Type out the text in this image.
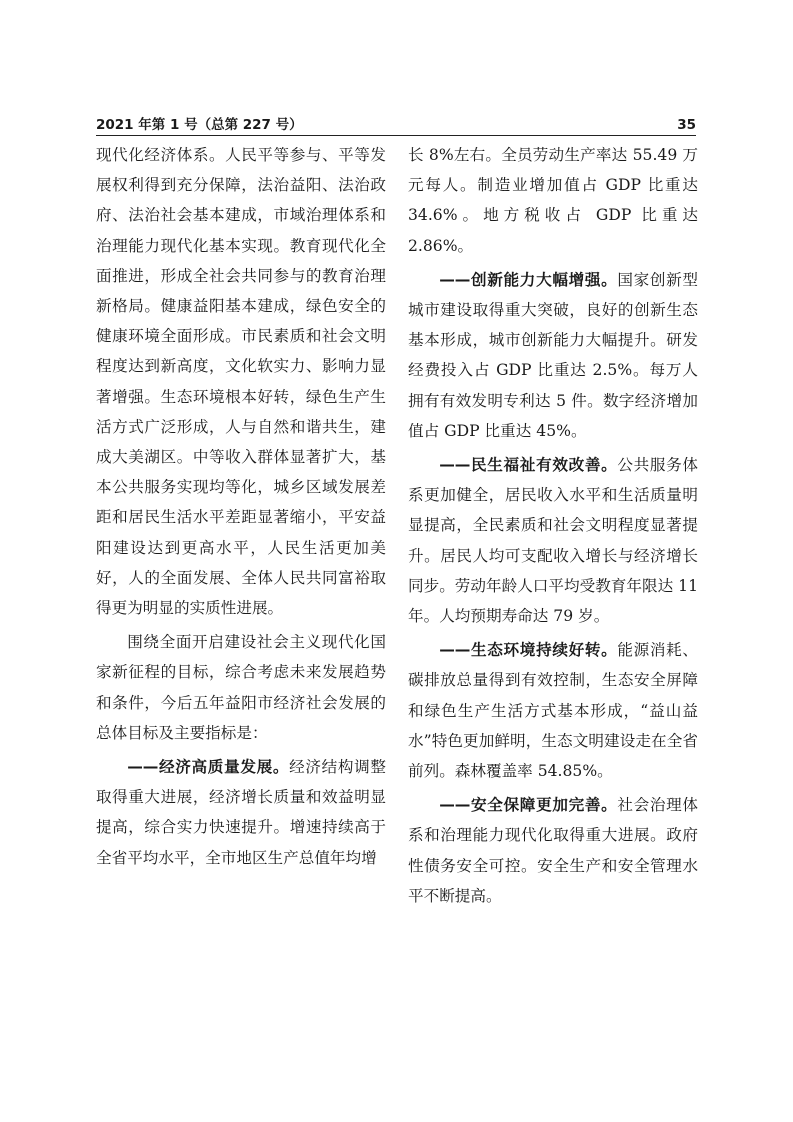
2021 年第 1 号（总第 227 号）	35

现代化经济体系。人民平等参与、平等发展权利得到充分保障，法治益阳、法治政府、法治社会基本建成，市域治理体系和治理能力现代化基本实现。教育现代化全面推进，形成全社会共同参与的教育治理新格局。健康益阳基本建成，绿色安全的健康环境全面形成。市民素质和社会文明程度达到新高度，文化软实力、影响力显著增强。生态环境根本好转，绿色生产生活方式广泛形成，人与自然和谐共生，建成大美湖区。中等收入群体显著扩大，基本公共服务实现均等化，城乡区域发展差距和居民生活水平差距显著缩小，平安益阳建设达到更高水平，人民生活更加美好，人的全面发展、全体人民共同富裕取得更为明显的实质性进展。

围绕全面开启建设社会主义现代化国家新征程的目标，综合考虑未来发展趋势和条件，今后五年益阳市经济社会发展的总体目标及主要指标是：

——经济高质量发展。经济结构调整取得重大进展，经济增长质量和效益明显提高，综合实力快速提升。增速持续高于全省平均水平，全市地区生产总值年均增

长 8%左右。全员劳动生产率达 55.49 万元每人。制造业增加值占 GDP 比重达 34.6%。地方税收占 GDP 比重达 2.86%。

——创新能力大幅增强。国家创新型城市建设取得重大突破，良好的创新生态基本形成，城市创新能力大幅提升。研发经费投入占 GDP 比重达 2.5%。每万人拥有有效发明专利达 5 件。数字经济增加值占 GDP 比重达 45%。

——民生福祉有效改善。公共服务体系更加健全，居民收入水平和生活质量明显提高，全民素质和社会文明程度显著提升。居民人均可支配收入增长与经济增长同步。劳动年龄人口平均受教育年限达 11 年。人均预期寿命达 79 岁。

——生态环境持续好转。能源消耗、碳排放总量得到有效控制，生态安全屏障和绿色生产生活方式基本形成，“益山益水”特色更加鲜明，生态文明建设走在全省前列。森林覆盖率 54.85%。

——安全保障更加完善。社会治理体系和治理能力现代化取得重大进展。政府性债务安全可控。安全生产和安全管理水平不断提高。
